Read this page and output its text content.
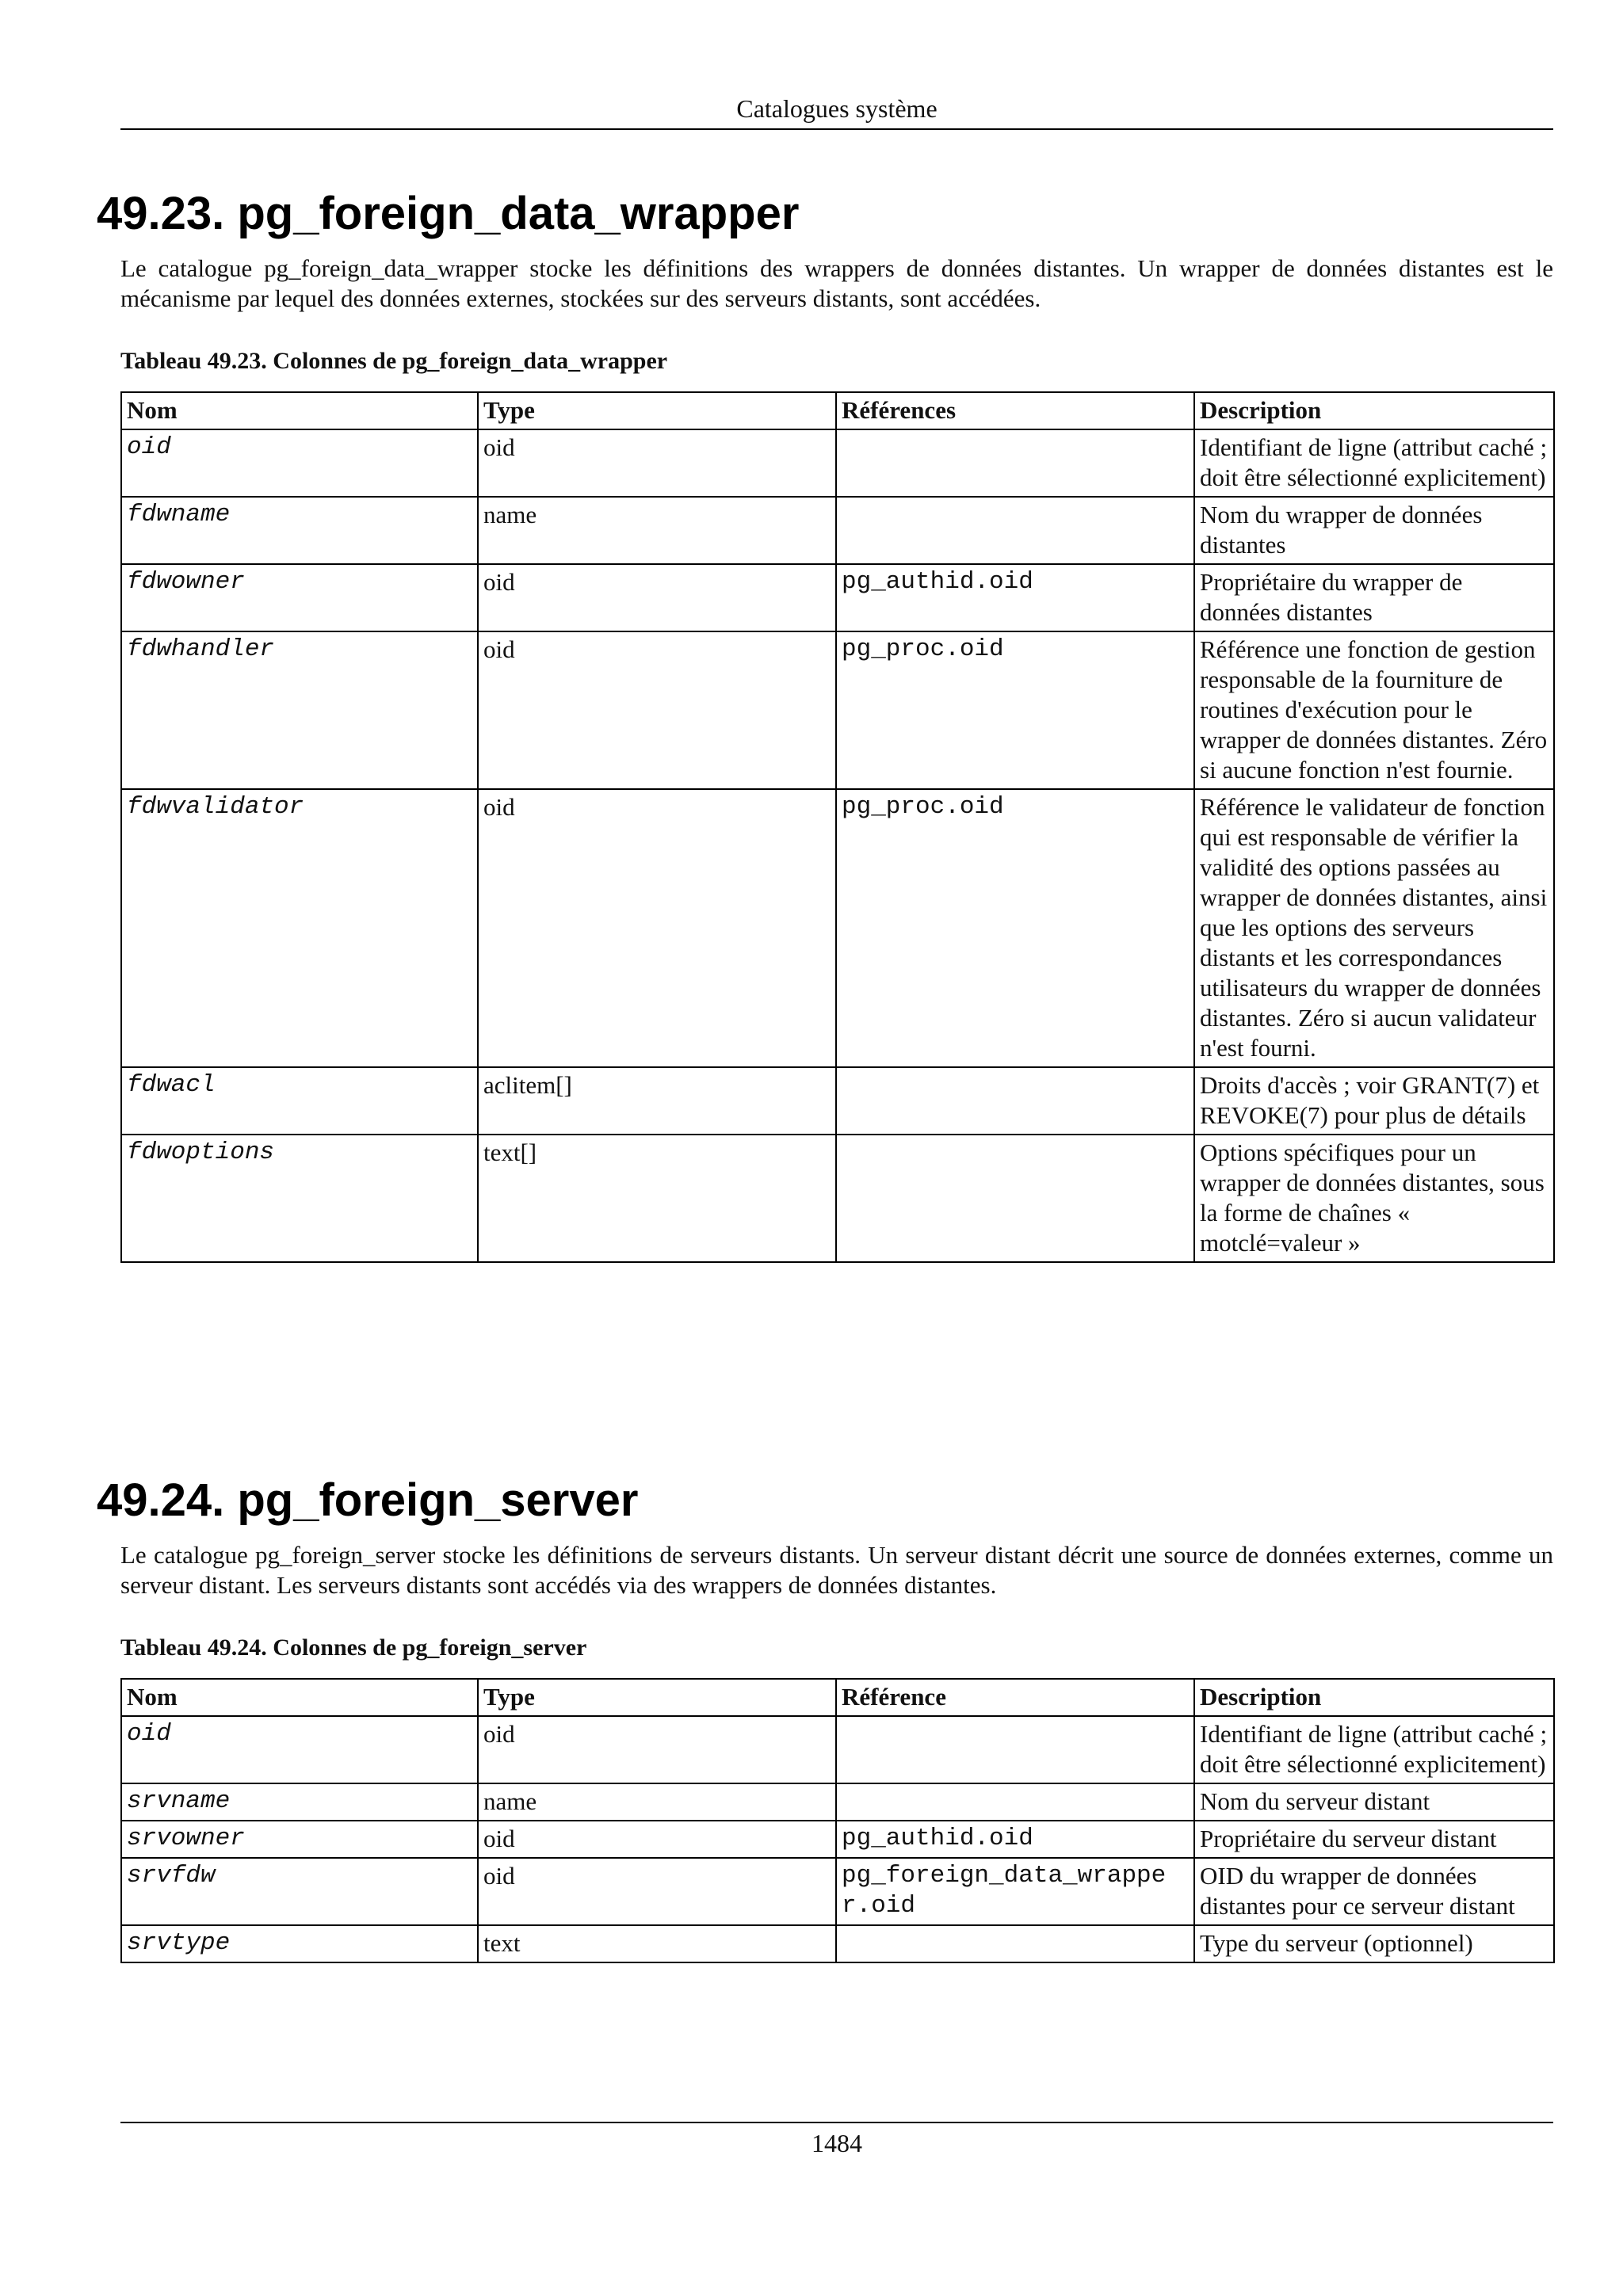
Catalogues système
49.23. pg_foreign_data_wrapper

Le catalogue pg_foreign_data_wrapper stocke les définitions des wrappers de données distantes. Un wrapper de données distantes est le mécanisme par lequel des données externes, stockées sur des serveurs distants, sont accédées.

Tableau 49.23. Colonnes de pg_foreign_data_wrapper
Nom	Type	Références	Description
oid	oid		Identifiant de ligne (attribut caché ; doit être sélectionné explicitement)
fdwname	name		Nom du wrapper de données distantes
fdwowner	oid	pg_authid.oid	Propriétaire du wrapper de données distantes
fdwhandler	oid	pg_proc.oid	Référence une fonction de gestion responsable de la fourniture de routines d'exécution pour le wrapper de données distantes. Zéro si aucune fonction n'est fournie.
fdwvalidator	oid	pg_proc.oid	Référence le validateur de fonction qui est responsable de vérifier la validité des options passées au wrapper de données distantes, ainsi que les options des serveurs distants et les correspondances utilisateurs du wrapper de données distantes. Zéro si aucun validateur n'est fourni.
fdwacl	aclitem[]		Droits d'accès ; voir GRANT(7) et REVOKE(7) pour plus de détails
fdwoptions	text[]		Options spécifiques pour un wrapper de données distantes, sous la forme de chaînes « motclé=valeur »
49.24. pg_foreign_server

Le catalogue pg_foreign_server stocke les définitions de serveurs distants. Un serveur distant décrit une source de données externes, comme un serveur distant. Les serveurs distants sont accédés via des wrappers de données distantes.

Tableau 49.24. Colonnes de pg_foreign_server
Nom	Type	Référence	Description
oid	oid		Identifiant de ligne (attribut caché ; doit être sélectionné explicitement)
srvname	name		Nom du serveur distant
srvowner	oid	pg_authid.oid	Propriétaire du serveur distant
srvfdw	oid	pg_foreign_data_wrapper.oid	OID du wrapper de données distantes pour ce serveur distant
srvtype	text		Type du serveur (optionnel)
1484
